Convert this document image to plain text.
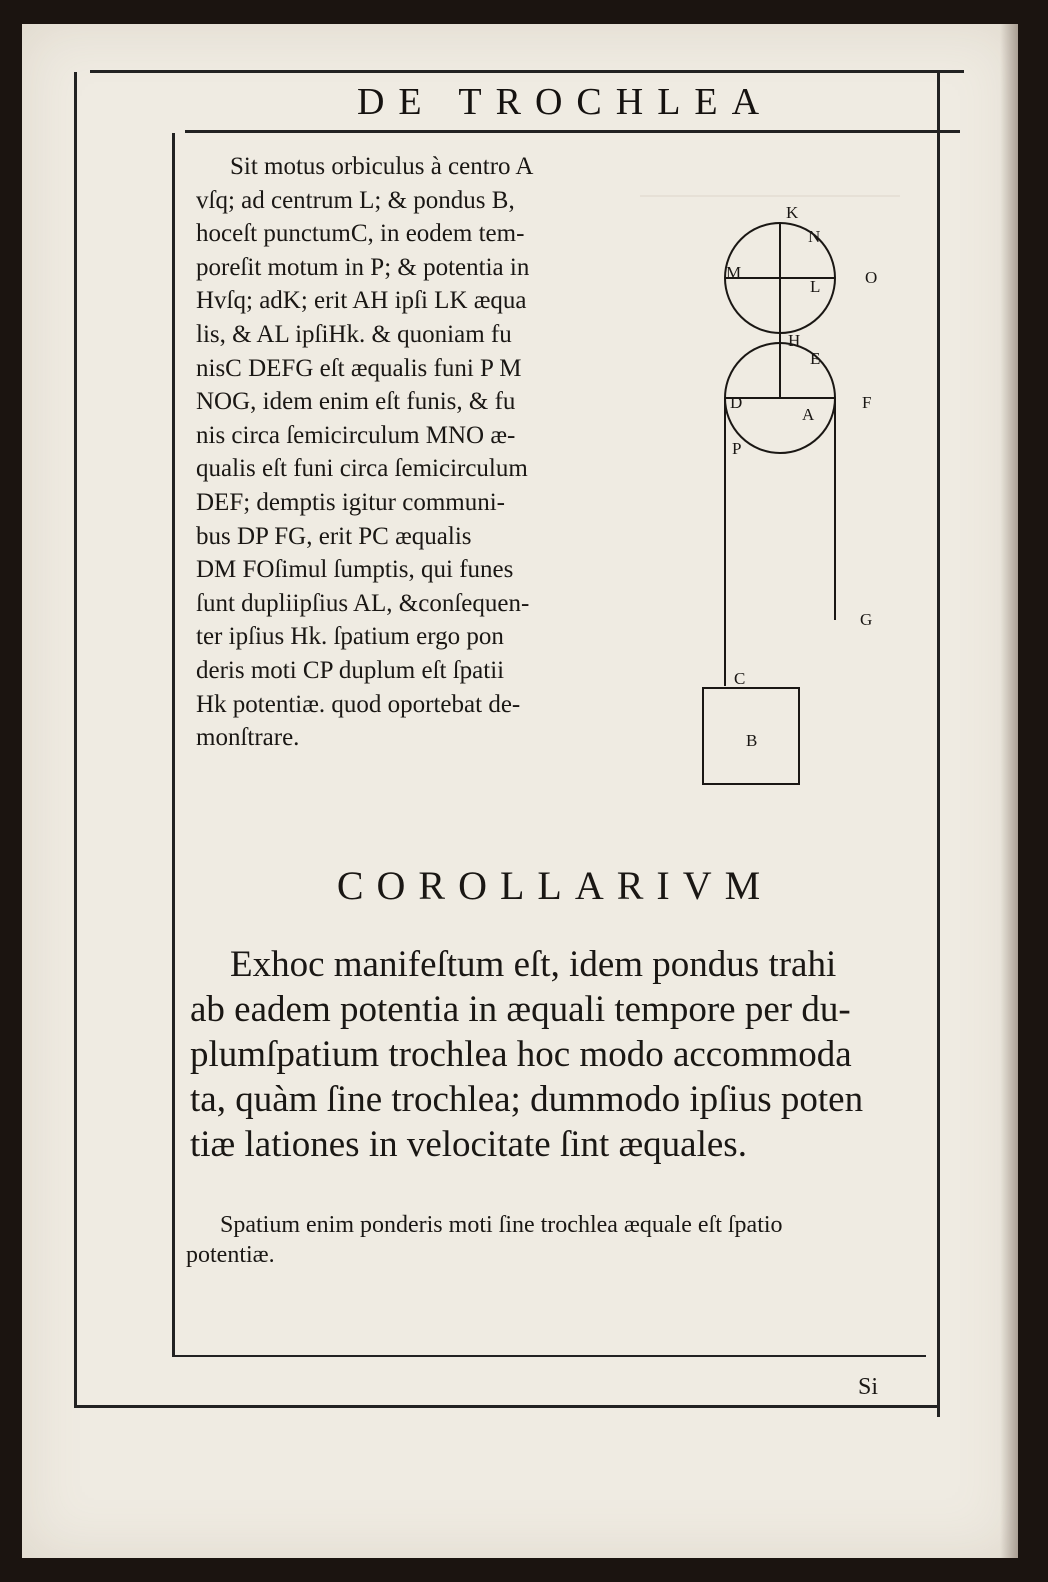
DE TROCHLEA
Sit motus orbiculus à centro A
vſq; ad centrum L; & pondus B,
hoceſt punctumC, in eodem tem-
poreſit motum in P; & potentia in
Hvſq; adK; erit AH ipſi LK æqua
lis, & AL ipſiHk. & quoniam fu
nisC DEFG eſt æqualis funi P M
NOG, idem enim eſt funis, & fu
nis circa ſemicirculum MNO æ-
qualis eſt funi circa ſemicirculum
DEF; demptis igitur communi-
bus DP FG, erit PC æqualis
DM FOſimul ſumptis, qui funes
ſunt dupliipſius AL, &conſequen-
ter ipſius Hk. ſpatium ergo pon
deris moti CP duplum eſt ſpatii
Hk potentiæ. quod oportebat de-
monſtrare.
K
N
M
L	O
H
E
D
A
F
P
G
C
B
COROLLARIVM
Exhoc manifeſtum eſt, idem pondus trahi
ab eadem potentia in æquali tempore per du-
plumſpatium trochlea hoc modo accommoda
ta, quàm ſine trochlea; dummodo ipſius poten
tiæ lationes in velocitate ſint æquales.
Spatium enim ponderis moti ſine trochlea æquale eſt ſpatio
potentiæ.
Si
